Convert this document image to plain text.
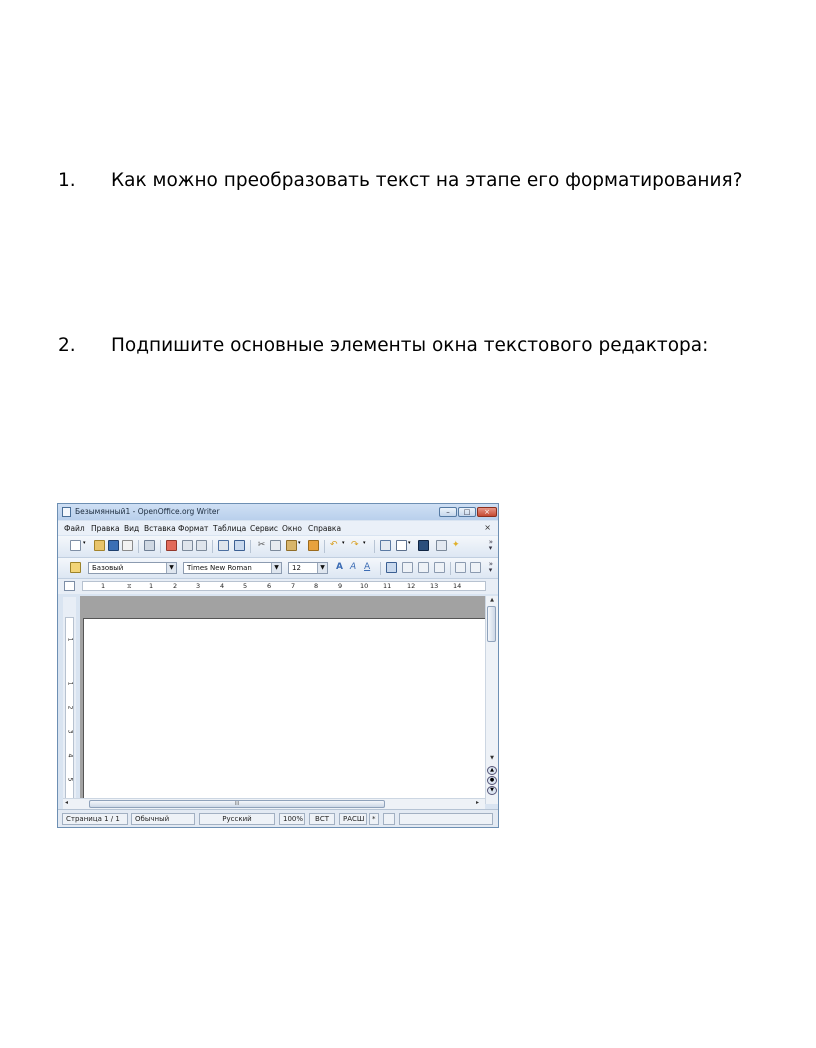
1. Как можно преобразовать текст на этапе его форматирования?
2. Подпишите основные элементы окна текстового редактора:
Безымянный1 - OpenOffice.org Writer	–	□	×
Файл Правка Вид Вставка Формат Таблица Сервис Окно Справка	×
▾	✂	▾	↶ ▾ ↷ ▾	▾	✦	»
▾
Базовый	▼	Times New Roman	▼	12	▼ A A A	»
▾
1	⧖	1	2	3	4	5	6	7	8	9	10 11 12 13 14
1
1
2
3
4
5
▲
▼
▲
●
▼
◂	III	▸
Страница 1 / 1	Обычный	Русский	100%	ВСТ	РАСШ	*
